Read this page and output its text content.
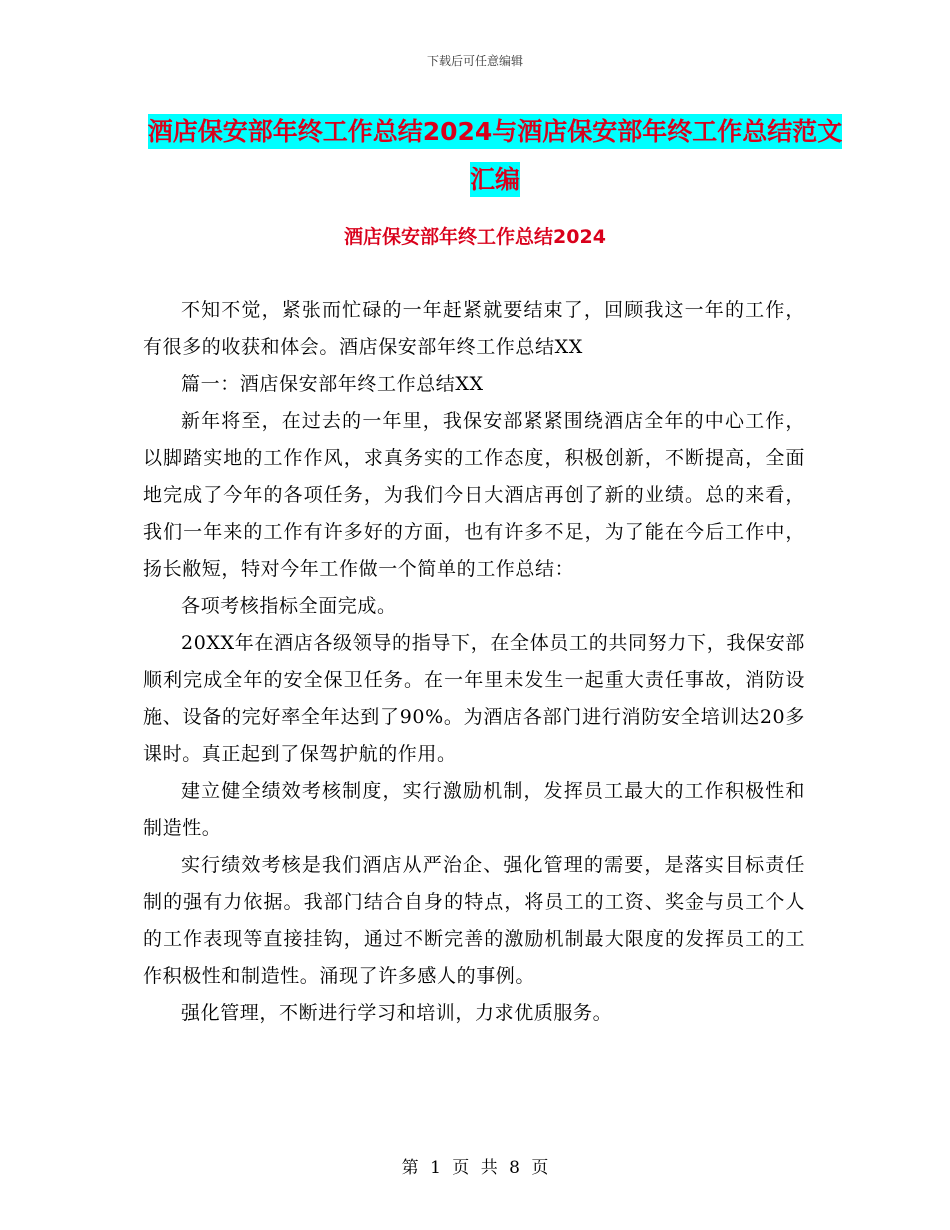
下载后可任意编辑
酒店保安部年终工作总结2024与酒店保安部年终工作总结范文汇编
酒店保安部年终工作总结2024

不知不觉，紧张而忙碌的一年赶紧就要结束了，回顾我这一年的工作，有很多的收获和体会。酒店保安部年终工作总结XX

篇一：酒店保安部年终工作总结XX

新年将至，在过去的一年里，我保安部紧紧围绕酒店全年的中心工作，以脚踏实地的工作作风，求真务实的工作态度，积极创新，不断提高，全面地完成了今年的各项任务，为我们今日大酒店再创了新的业绩。总的来看，我们一年来的工作有许多好的方面，也有许多不足，为了能在今后工作中，扬长敝短，特对今年工作做一个简单的工作总结：

各项考核指标全面完成。

20XX年在酒店各级领导的指导下，在全体员工的共同努力下，我保安部顺利完成全年的安全保卫任务。在一年里未发生一起重大责任事故，消防设施、设备的完好率全年达到了90%。为酒店各部门进行消防安全培训达20多课时。真正起到了保驾护航的作用。

建立健全绩效考核制度，实行激励机制，发挥员工最大的工作积极性和制造性。

实行绩效考核是我们酒店从严治企、强化管理的需要，是落实目标责任制的强有力依据。我部门结合自身的特点，将员工的工资、奖金与员工个人的工作表现等直接挂钩，通过不断完善的激励机制最大限度的发挥员工的工作积极性和制造性。涌现了许多感人的事例。

强化管理，不断进行学习和培训，力求优质服务。

第 1 页 共 8 页
